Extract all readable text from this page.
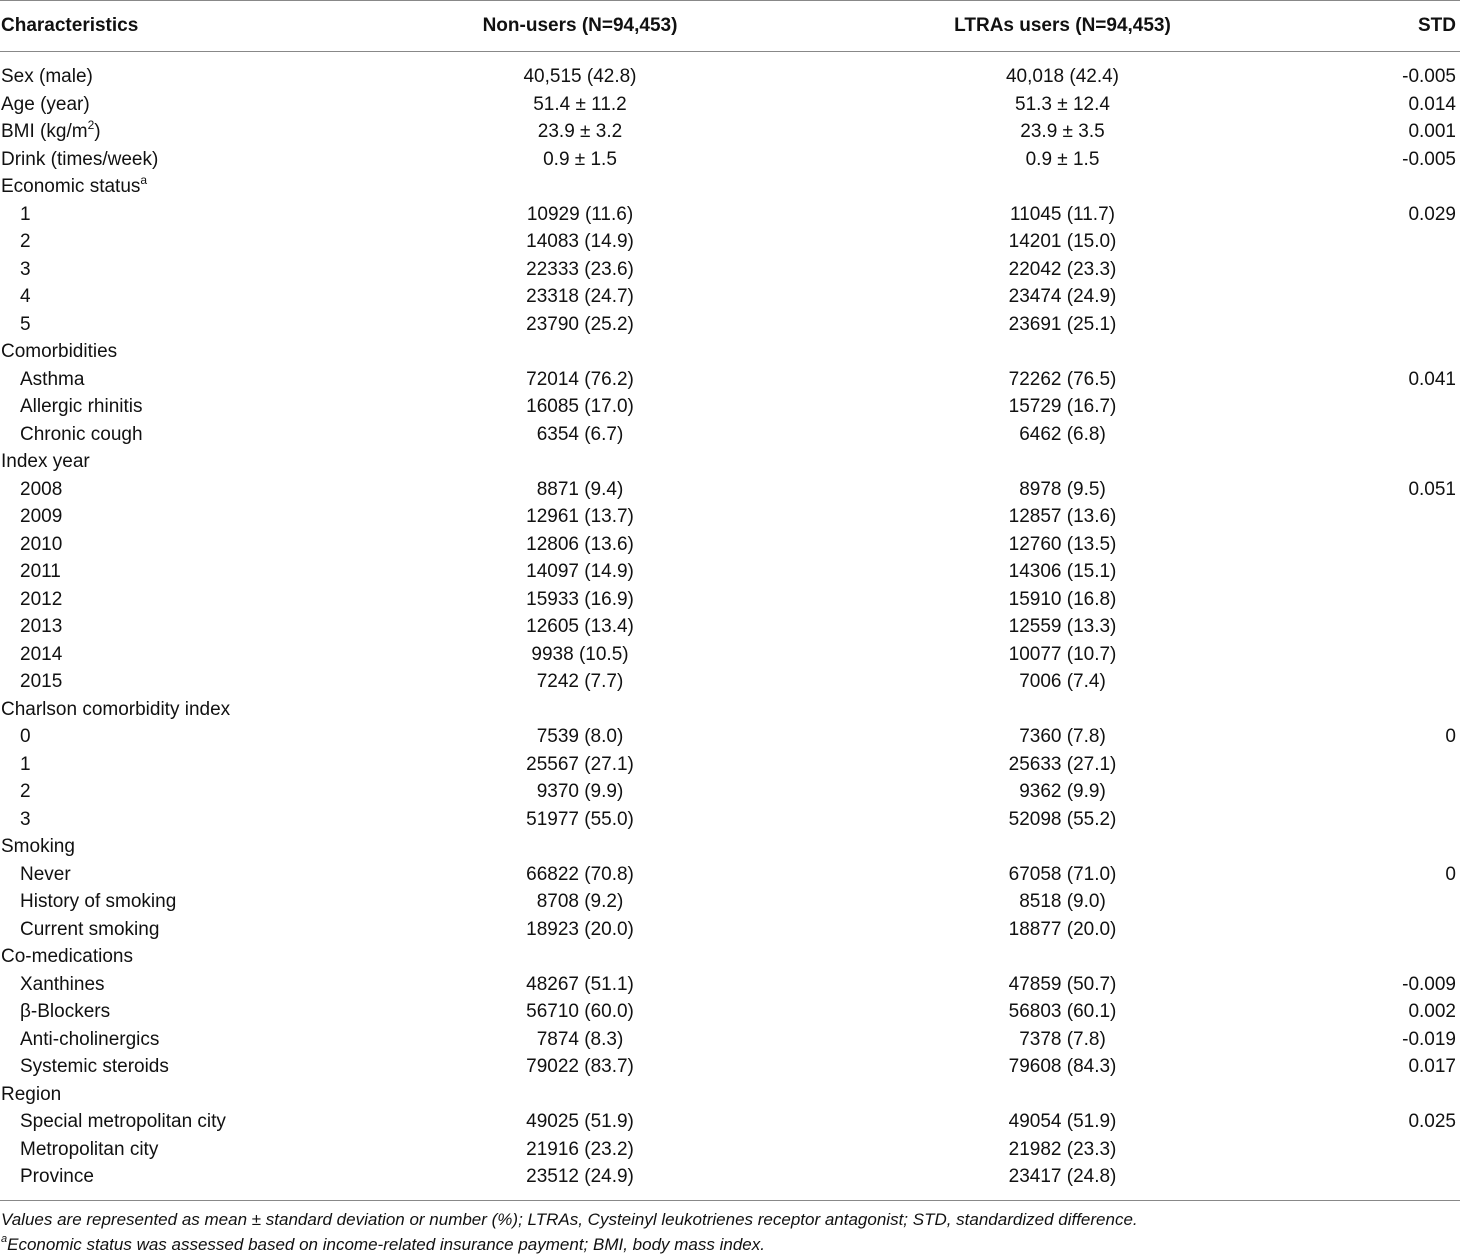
Characteristics	Non-users (N=94,453)	LTRAs users (N=94,453)	STD
Sex (male)	40,515 (42.8)	40,018 (42.4)	-0.005
Age (year)	51.4 ± 11.2	51.3 ± 12.4	0.014
BMI $(kg/m^2)$	23.9 ± 3.2	23.9 ± 3.5	0.001
Drink (times/week)	0.9 ± 1.5	0.9 ± 1.5	-0.005
Economic status$^a$			
1	10929 (11.6)	11045 (11.7)	0.029
2	14083 (14.9)	14201 (15.0)	
3	22333 (23.6)	22042 (23.3)	
4	23318 (24.7)	23474 (24.9)	
5	23790 (25.2)	23691 (25.1)	
Comorbidities			
Asthma	72014 (76.2)	72262 (76.5)	0.041
Allergic rhinitis	16085 (17.0)	15729 (16.7)	
Chronic cough	6354 (6.7)	6462 (6.8)	
Index year			
2008	8871 (9.4)	8978 (9.5)	0.051
2009	12961 (13.7)	12857 (13.6)	
2010	12806 (13.6)	12760 (13.5)	
2011	14097 (14.9)	14306 (15.1)	
2012	15933 (16.9)	15910 (16.8)	
2013	12605 (13.4)	12559 (13.3)	
2014	9938 (10.5)	10077 (10.7)	
2015	7242 (7.7)	7006 (7.4)	
Charlson comorbidity index			
0	7539 (8.0)	7360 (7.8)	0
1	25567 (27.1)	25633 (27.1)	
2	9370 (9.9)	9362 (9.9)	
3	51977 (55.0)	52098 (55.2)	
Smoking			
Never	66822 (70.8)	67058 (71.0)	0
History of smoking	8708 (9.2)	8518 (9.0)	
Current smoking	18923 (20.0)	18877 (20.0)	
Co-medications			
Xanthines	48267 (51.1)	47859 (50.7)	-0.009
β-Blockers	56710 (60.0)	56803 (60.1)	0.002
Anti-cholinergics	7874 (8.3)	7378 (7.8)	-0.019
Systemic steroids	79022 (83.7)	79608 (84.3)	0.017
Region			
Special metropolitan city	49025 (51.9)	49054 (51.9)	0.025
Metropolitan city	21916 (23.2)	21982 (23.3)	
Province	23512 (24.9)	23417 (24.8)	
Values are represented as mean ± standard deviation or number (%); LTRAs, Cysteinyl leukotrienes receptor antagonist; STD, standardized difference.
$^a$Economic status was assessed based on income-related insurance payment; BMI, body mass index.
